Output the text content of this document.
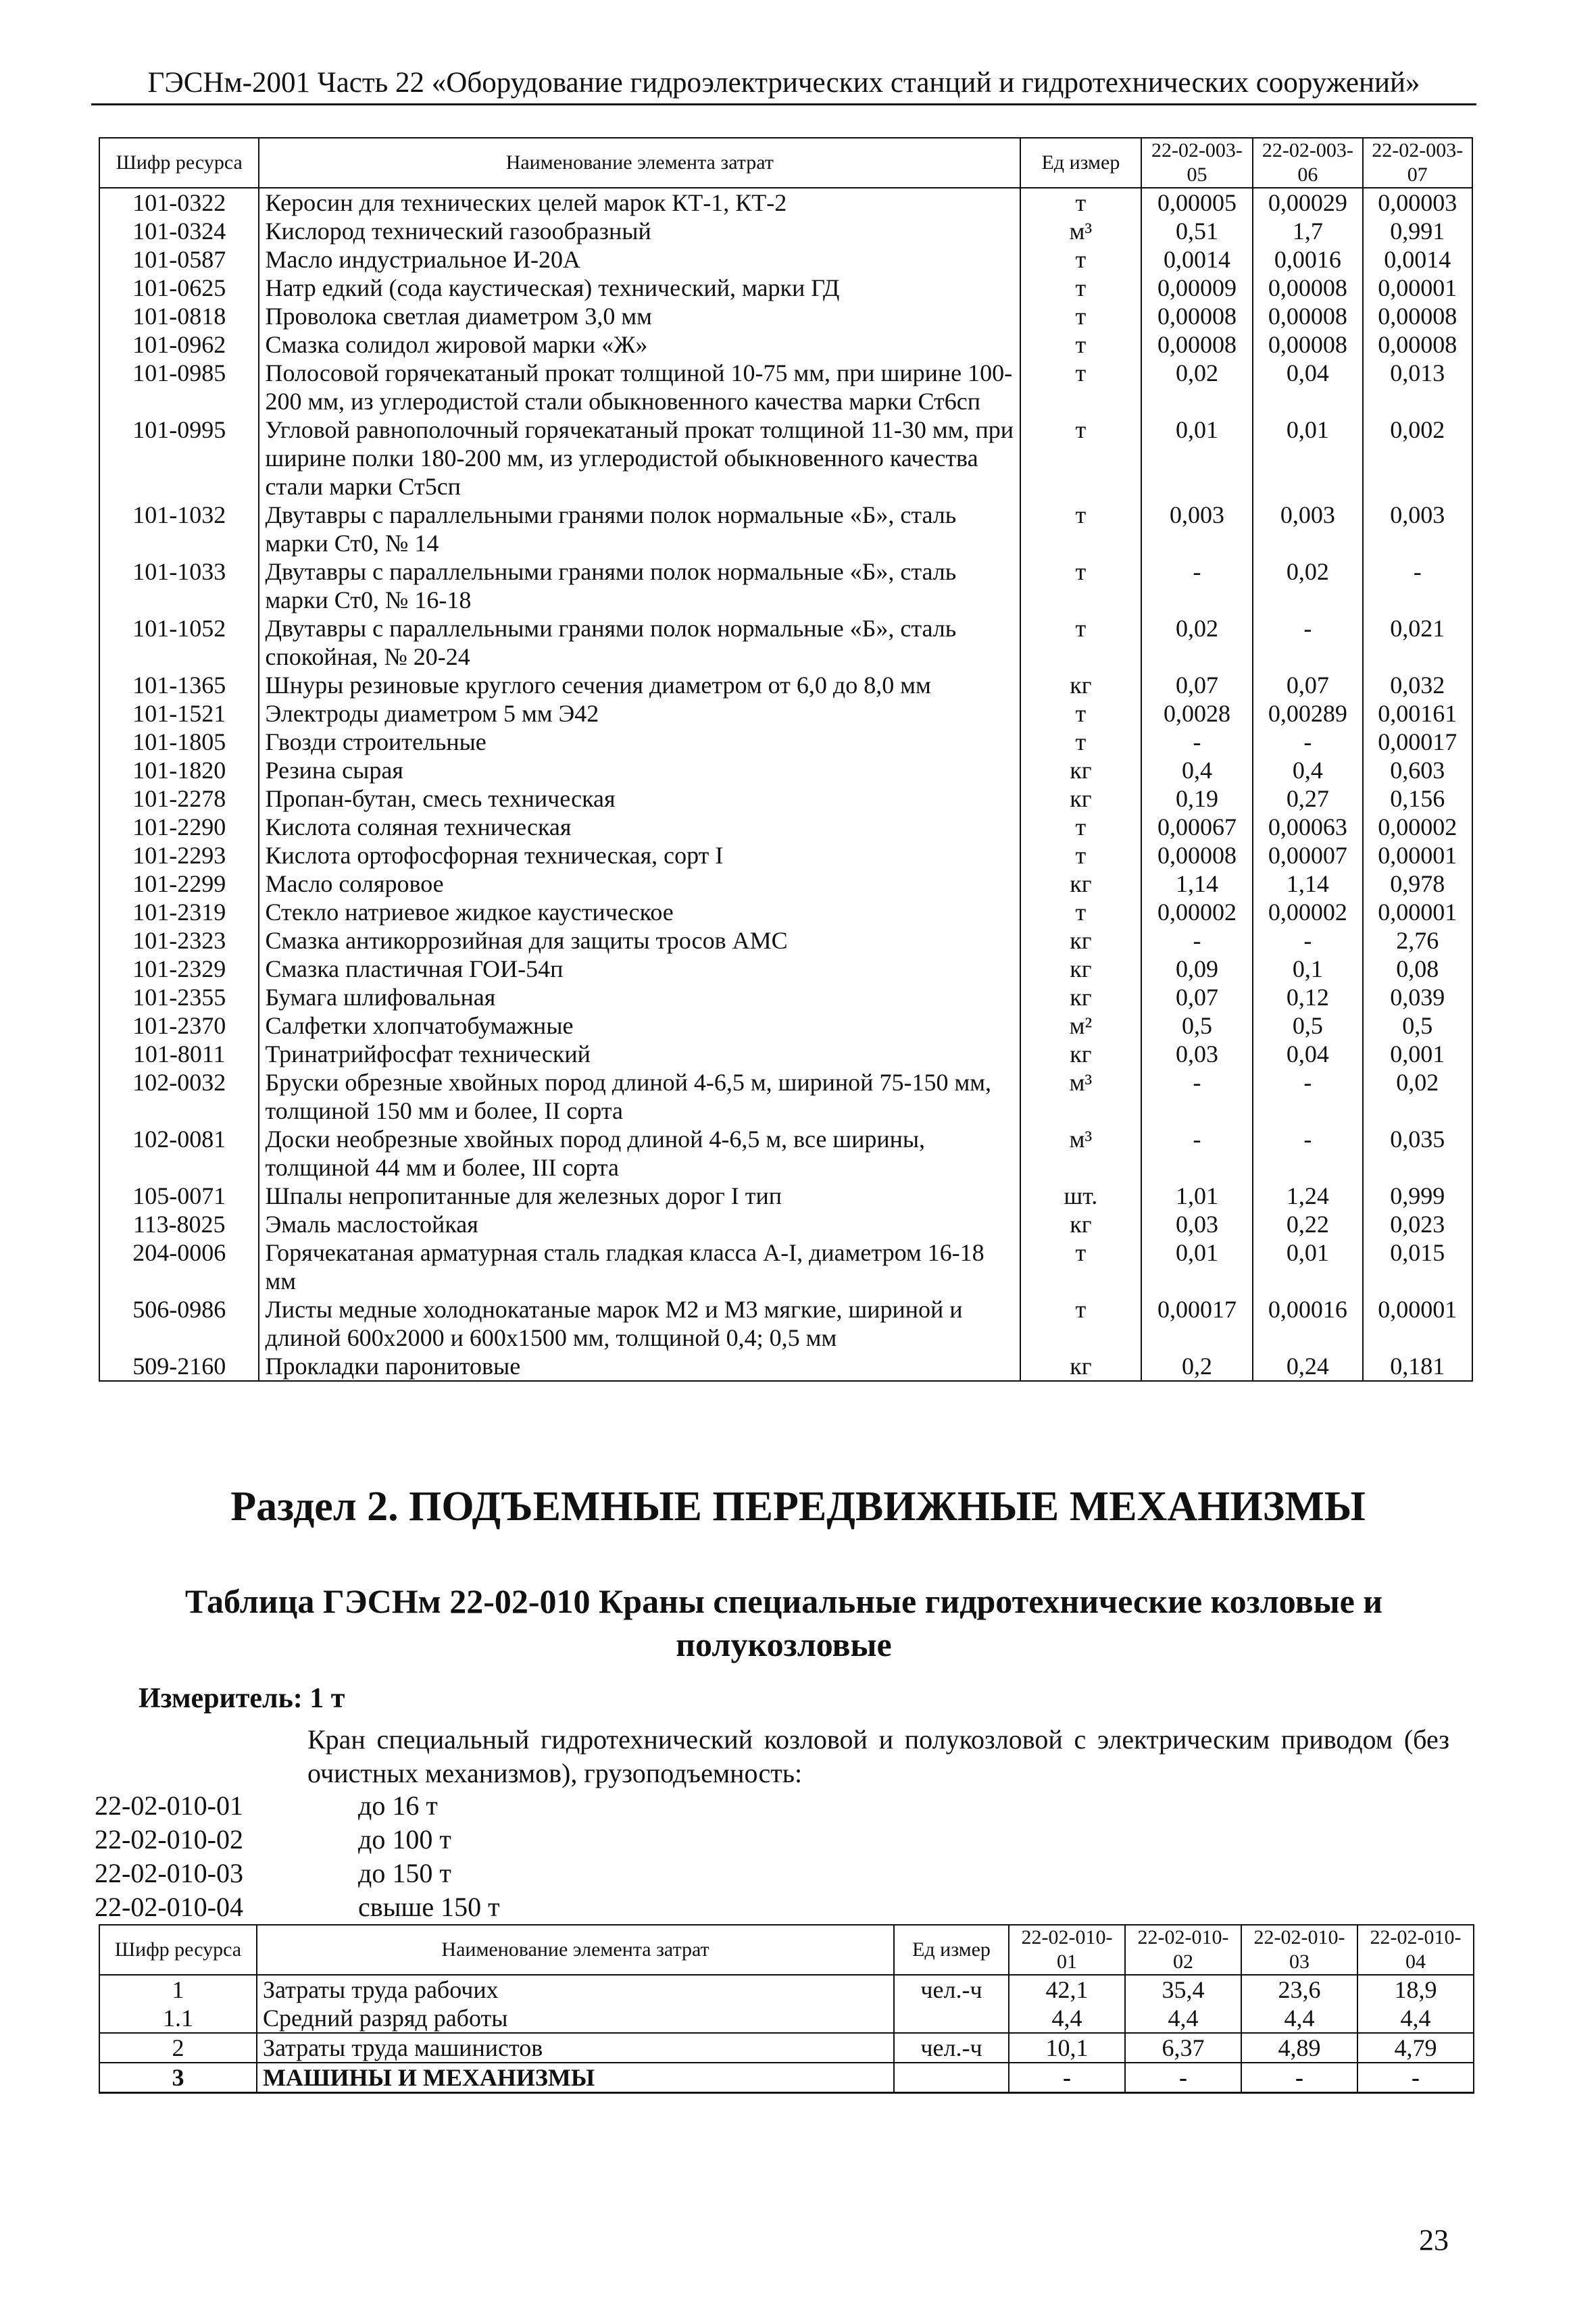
ГЭСНм-2001 Часть 22 «Оборудование гидроэлектрических станций и гидротехнических сооружений»
Шифр ресурса	Наименование элемента затрат	Ед измер	22-02-003-05	22-02-003-06	22-02-003-07
101-0322	Керосин для технических целей марок КТ-1, КТ-2	т	0,00005	0,00029	0,00003
101-0324	Кислород технический газообразный	м³	0,51	1,7	0,991
101-0587	Масло индустриальное И-20А	т	0,0014	0,0016	0,0014
101-0625	Натр едкий (сода каустическая) технический, марки ГД	т	0,00009	0,00008	0,00001
101-0818	Проволока светлая диаметром 3,0 мм	т	0,00008	0,00008	0,00008
101-0962	Смазка солидол жировой марки «Ж»	т	0,00008	0,00008	0,00008
101-0985	Полосовой горячекатаный прокат толщиной 10-75 мм, при ширине 100-200 мм, из углеродистой стали обыкновенного качества марки Ст6сп	т	0,02	0,04	0,013
101-0995	Угловой равнополочный горячекатаный прокат толщиной 11-30 мм, при ширине полки 180-200 мм, из углеродистой обыкновенного качества стали марки Ст5сп	т	0,01	0,01	0,002
101-1032	Двутавры с параллельными гранями полок нормальные «Б», сталь марки Ст0, № 14	т	0,003	0,003	0,003
101-1033	Двутавры с параллельными гранями полок нормальные «Б», сталь марки Ст0, № 16-18	т	-	0,02	-
101-1052	Двутавры с параллельными гранями полок нормальные «Б», сталь спокойная, № 20-24	т	0,02	-	0,021
101-1365	Шнуры резиновые круглого сечения диаметром от 6,0 до 8,0 мм	кг	0,07	0,07	0,032
101-1521	Электроды диаметром 5 мм Э42	т	0,0028	0,00289	0,00161
101-1805	Гвозди строительные	т	-	-	0,00017
101-1820	Резина сырая	кг	0,4	0,4	0,603
101-2278	Пропан-бутан, смесь техническая	кг	0,19	0,27	0,156
101-2290	Кислота соляная техническая	т	0,00067	0,00063	0,00002
101-2293	Кислота ортофосфорная техническая, сорт I	т	0,00008	0,00007	0,00001
101-2299	Масло соляровое	кг	1,14	1,14	0,978
101-2319	Стекло натриевое жидкое каустическое	т	0,00002	0,00002	0,00001
101-2323	Смазка антикоррозийная для защиты тросов АМС	кг	-	-	2,76
101-2329	Смазка пластичная ГОИ-54п	кг	0,09	0,1	0,08
101-2355	Бумага шлифовальная	кг	0,07	0,12	0,039
101-2370	Салфетки хлопчатобумажные	м²	0,5	0,5	0,5
101-8011	Тринатрийфосфат технический	кг	0,03	0,04	0,001
102-0032	Бруски обрезные хвойных пород длиной 4-6,5 м, шириной 75-150 мм, толщиной 150 мм и более, II сорта	м³	-	-	0,02
102-0081	Доски необрезные хвойных пород длиной 4-6,5 м, все ширины, толщиной 44 мм и более, III сорта	м³	-	-	0,035
105-0071	Шпалы непропитанные для железных дорог I тип	шт.	1,01	1,24	0,999
113-8025	Эмаль маслостойкая	кг	0,03	0,22	0,023
204-0006	Горячекатаная арматурная сталь гладкая класса А-I, диаметром 16-18 мм	т	0,01	0,01	0,015
506-0986	Листы медные холоднокатаные марок М2 и М3 мягкие, шириной и длиной 600х2000 и 600х1500 мм, толщиной 0,4; 0,5 мм	т	0,00017	0,00016	0,00001
509-2160	Прокладки паронитовые	кг	0,2	0,24	0,181
Раздел 2. ПОДЪЕМНЫЕ ПЕРЕДВИЖНЫЕ МЕХАНИЗМЫ
Таблица ГЭСНм 22-02-010 Краны специальные гидротехнические козловые и полукозловые
Измеритель: 1 т
Кран специальный гидротехнический козловой и полукозловой с электрическим приводом (без очистных механизмов), грузоподъемность:
22-02-010-01	до 16 т
22-02-010-02	до 100 т
22-02-010-03	до 150 т
22-02-010-04	свыше 150 т
Шифр ресурса	Наименование элемента затрат	Ед измер	22-02-010-01	22-02-010-02	22-02-010-03	22-02-010-04
1	Затраты труда рабочих	чел.-ч	42,1	35,4	23,6	18,9
1.1	Средний разряд работы		4,4	4,4	4,4	4,4
2	Затраты труда машинистов	чел.-ч	10,1	6,37	4,89	4,79
3	МАШИНЫ И МЕХАНИЗМЫ		-	-	-	-
23
